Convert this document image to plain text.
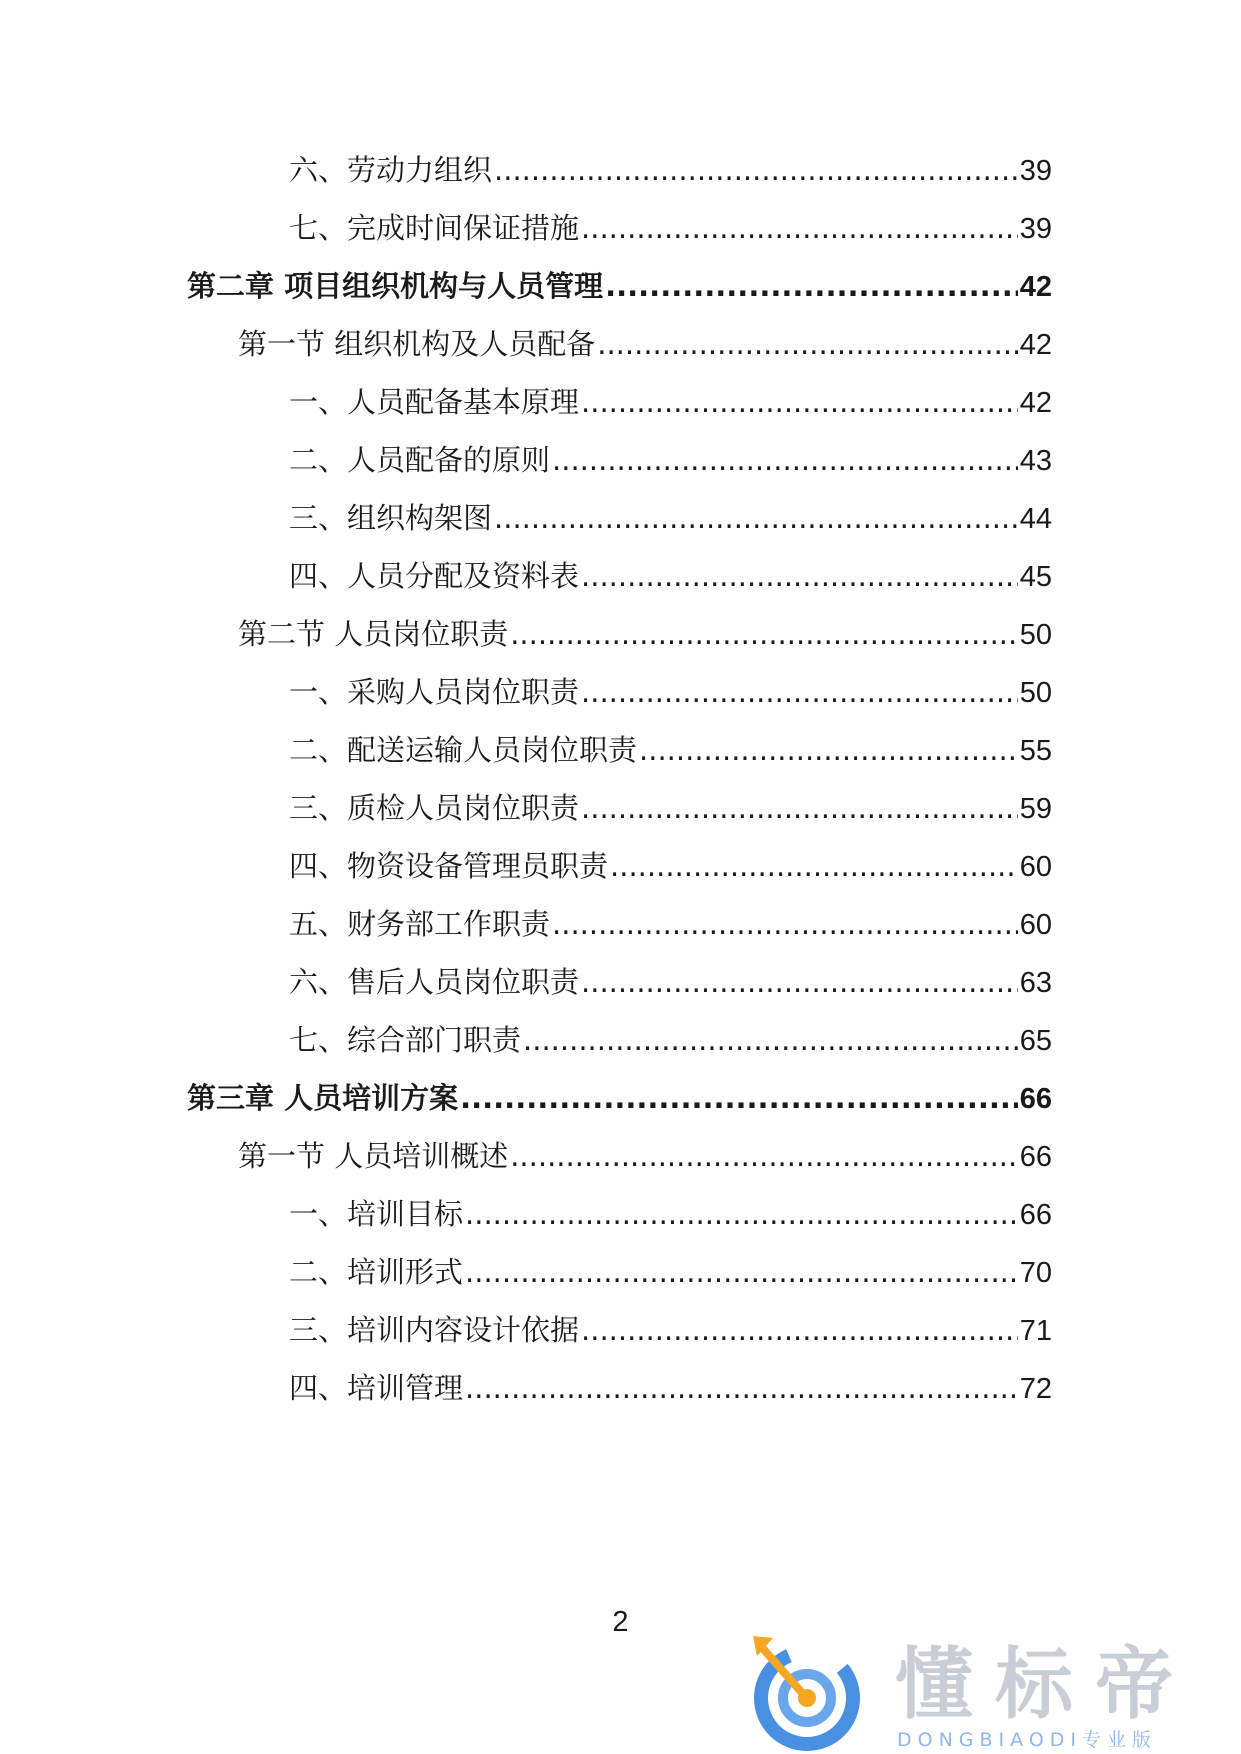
六、劳动力组织 .....	39
七、完成时间保证措施 .....	39
第二章 项目组织机构与人员管理 .....	42
第一节 组织机构及人员配备 .....	42
一、人员配备基本原理 .....	42
二、人员配备的原则 .....	43
三、组织构架图 .....	44
四、人员分配及资料表 .....	45
第二节 人员岗位职责 .....	50
一、采购人员岗位职责 .....	50
二、配送运输人员岗位职责 .....	55
三、质检人员岗位职责 .....	59
四、物资设备管理员职责 .....	60
五、财务部工作职责 .....	60
六、售后人员岗位职责 .....	63
七、综合部门职责 .....	65
第三章 人员培训方案 .....	66
第一节 人员培训概述 .....	66
一、培训目标 .....	66
二、培训形式 .....	70
三、培训内容设计依据 .....	71
四、培训管理 .....	72
2
懂标帝
DONGBIAODI专业版
